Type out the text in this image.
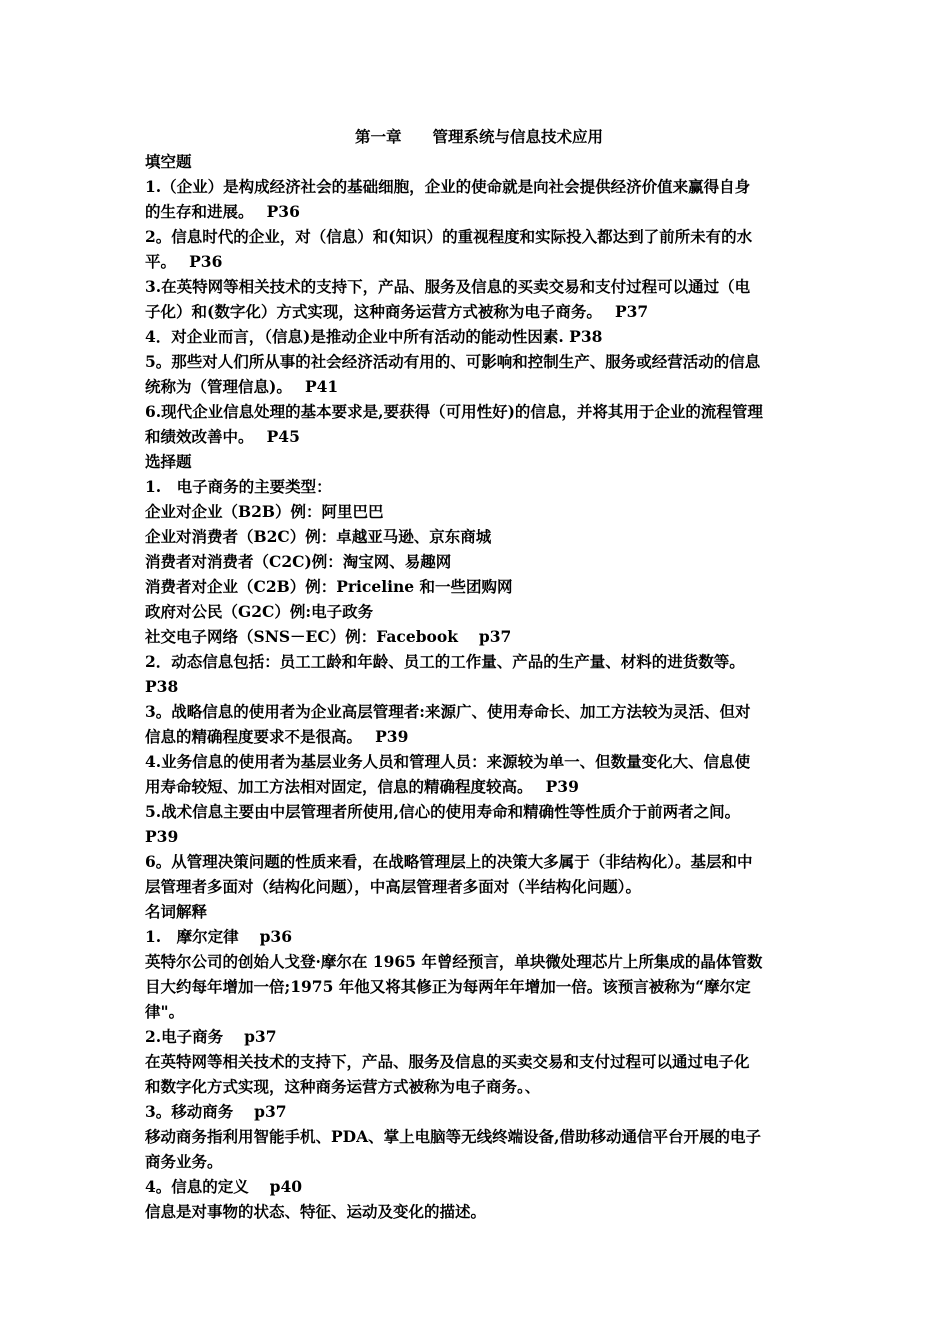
第一章　　管理系统与信息技术应用
填空题
1.（企业）是构成经济社会的基础细胞，企业的使命就是向社会提供经济价值来赢得自身
的生存和进展。　 P36
2。信息时代的企业，对（信息）和(知识）的重视程度和实际投入都达到了前所未有的水
平。　 P36
3.在英特网等相关技术的支持下，产品、服务及信息的买卖交易和支付过程可以通过（电
子化）和(数字化）方式实现，这种商务运营方式被称为电子商务。　 P37
4．对企业而言，（信息)是推动企业中所有活动的能动性因素. P38
5。那些对人们所从事的社会经济活动有用的、可影响和控制生产、服务或经营活动的信息
统称为（管理信息)。　 P41
6.现代企业信息处理的基本要求是,要获得（可用性好)的信息，并将其用于企业的流程管理
和绩效改善中。　 P45
选择题
1.　电子商务的主要类型：
企业对企业（B2B）例：阿里巴巴
企业对消费者（B2C）例：卓越亚马逊、京东商城
消费者对消费者（C2C)例：淘宝网、易趣网
消费者对企业（C2B）例：Priceline 和一些团购网
政府对公民（G2C）例:电子政务
社交电子网络（SNS－EC）例：Facebook　 p37
2．动态信息包括：员工工龄和年龄、员工的工作量、产品的生产量、材料的进货数等。
P38
3。战略信息的使用者为企业高层管理者:来源广、使用寿命长、加工方法较为灵活、但对
信息的精确程度要求不是很高。　 P39
4.业务信息的使用者为基层业务人员和管理人员：来源较为单一、但数量变化大、信息使
用寿命较短、加工方法相对固定，信息的精确程度较高。　 P39
5.战术信息主要由中层管理者所使用,信心的使用寿命和精确性等性质介于前两者之间。
P39
6。从管理决策问题的性质来看，在战略管理层上的决策大多属于（非结构化）。基层和中
层管理者多面对（结构化问题），中高层管理者多面对（半结构化问题）。
名词解释
1.　摩尔定律　 p36
英特尔公司的创始人戈登·摩尔在 1965 年曾经预言，单块微处理芯片上所集成的晶体管数
目大约每年增加一倍;1975 年他又将其修正为每两年年增加一倍。该预言被称为“摩尔定
律"。
2.电子商务　 p37
在英特网等相关技术的支持下，产品、服务及信息的买卖交易和支付过程可以通过电子化
和数字化方式实现，这种商务运营方式被称为电子商务。、
3。移动商务　 p37
移动商务指利用智能手机、PDA、掌上电脑等无线终端设备,借助移动通信平台开展的电子
商务业务。
4。信息的定义　 p40
信息是对事物的状态、特征、运动及变化的描述。
